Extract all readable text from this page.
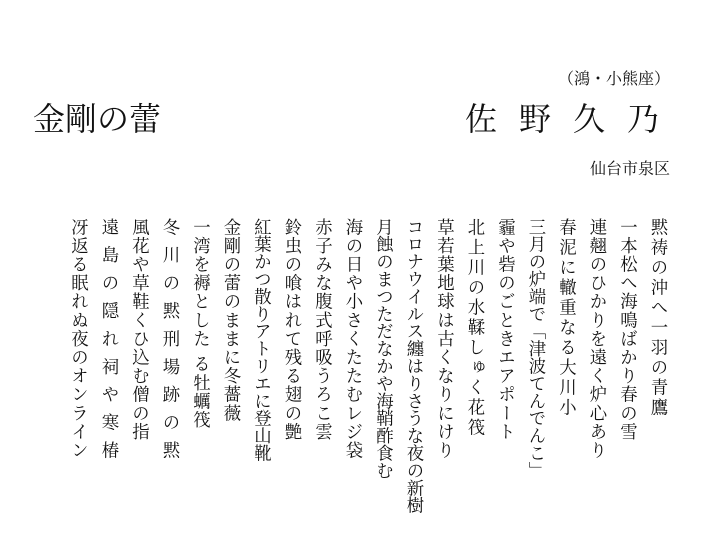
（鴻・小熊座）
金剛の蕾	佐野久乃
仙台市泉区

黙祷の沖へ一羽の青鷹

一本松へ海鳴ばかり春の雪

連翹のひかりを遠く炉心あり

春泥に轍重なる大川小

三月の炉端で「津波てんでんこ」

霾や砦のごときエアポート

北上川の水鞣しゅく花筏

草若葉地球は古くなりにけり

コロナウイルス纏はりさうな夜の新樹

月蝕のまつただなかや海鞘酢食む

海の日や小さくたたむレジ袋

赤子みな腹式呼吸うろこ雲

鈴虫の喰はれて残る翅の艶

紅葉かつ散りアトリエに登山靴

金剛の蕾のままに冬薔薇

一湾を褥とした る牡蠣筏

冬川の黙刑場跡の黙

風花や草鞋くひ込む僧の指

遠島の隠れ祠や寒椿

冴返る眠れぬ夜のオンライン
